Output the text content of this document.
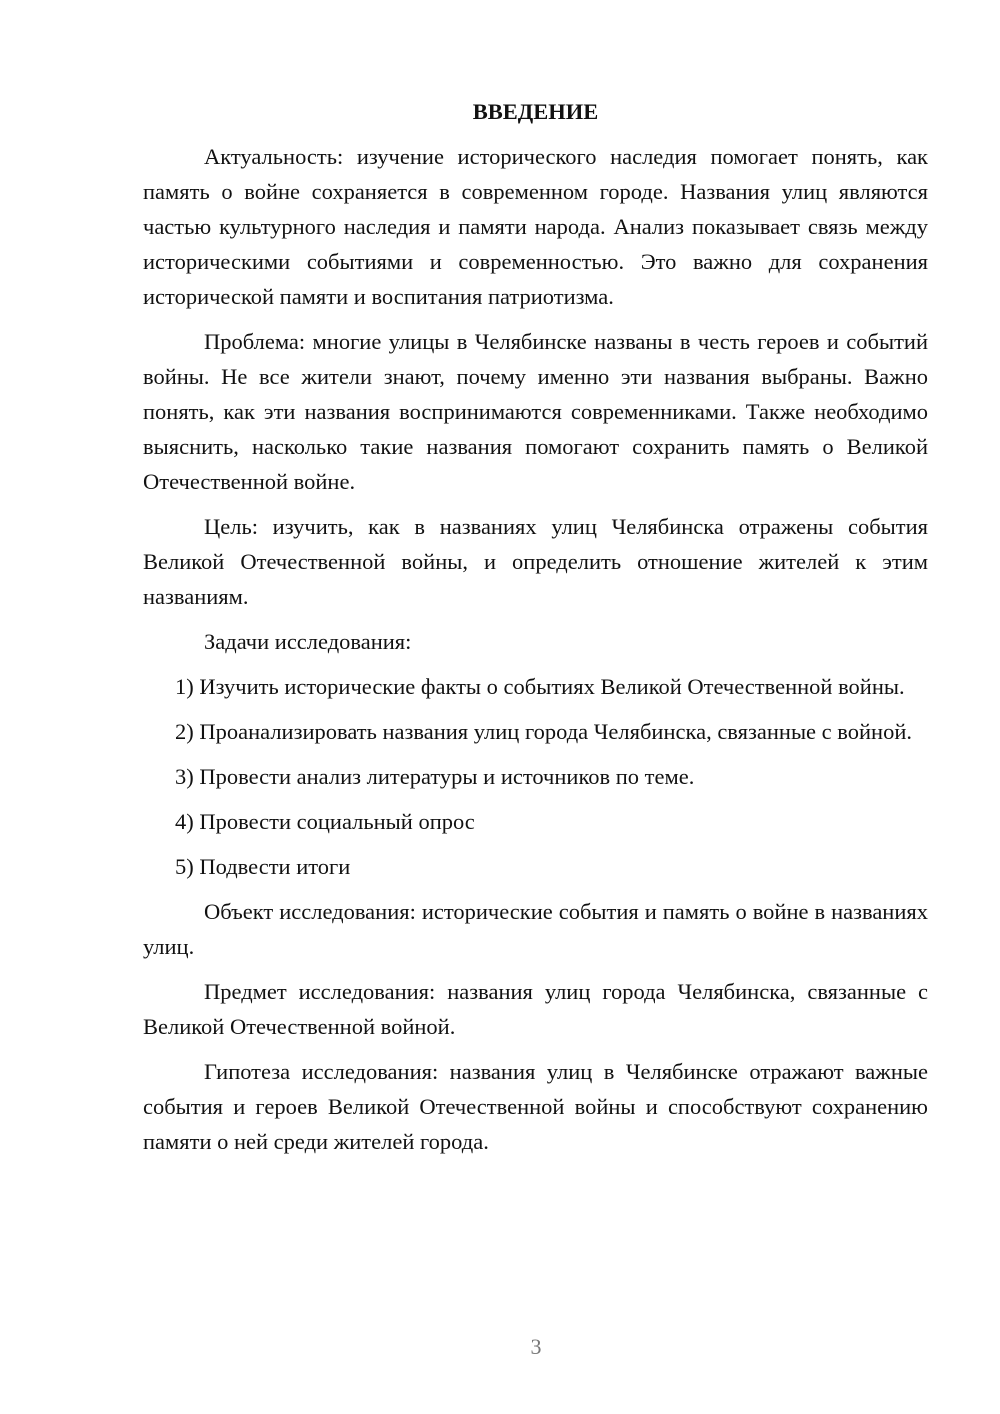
ВВЕДЕНИЕ

Актуальность: изучение исторического наследия помогает понять, как память о войне сохраняется в современном городе. Названия улиц являются частью культурного наследия и памяти народа. Анализ показывает связь между историческими событиями и современностью. Это важно для сохранения исторической памяти и воспитания патриотизма.

Проблема: многие улицы в Челябинске названы в честь героев и событий войны. Не все жители знают, почему именно эти названия выбраны. Важно понять, как эти названия воспринимаются современниками. Также необходимо выяснить, насколько такие названия помогают сохранить память о Великой Отечественной войне.

Цель: изучить, как в названиях улиц Челябинска отражены события Великой Отечественной войны, и определить отношение жителей к этим названиям.

Задачи исследования:

1) Изучить исторические факты о событиях Великой Отечественной войны.

2) Проанализировать названия улиц города Челябинска, связанные с войной.

3) Провести анализ литературы и источников по теме.

4) Провести социальный опрос

5) Подвести итоги

Объект исследования: исторические события и память о войне в названиях улиц.

Предмет исследования: названия улиц города Челябинска, связанные с Великой Отечественной войной.

Гипотеза исследования: названия улиц в Челябинске отражают важные события и героев Великой Отечественной войны и способствуют сохранению памяти о ней среди жителей города.

3
